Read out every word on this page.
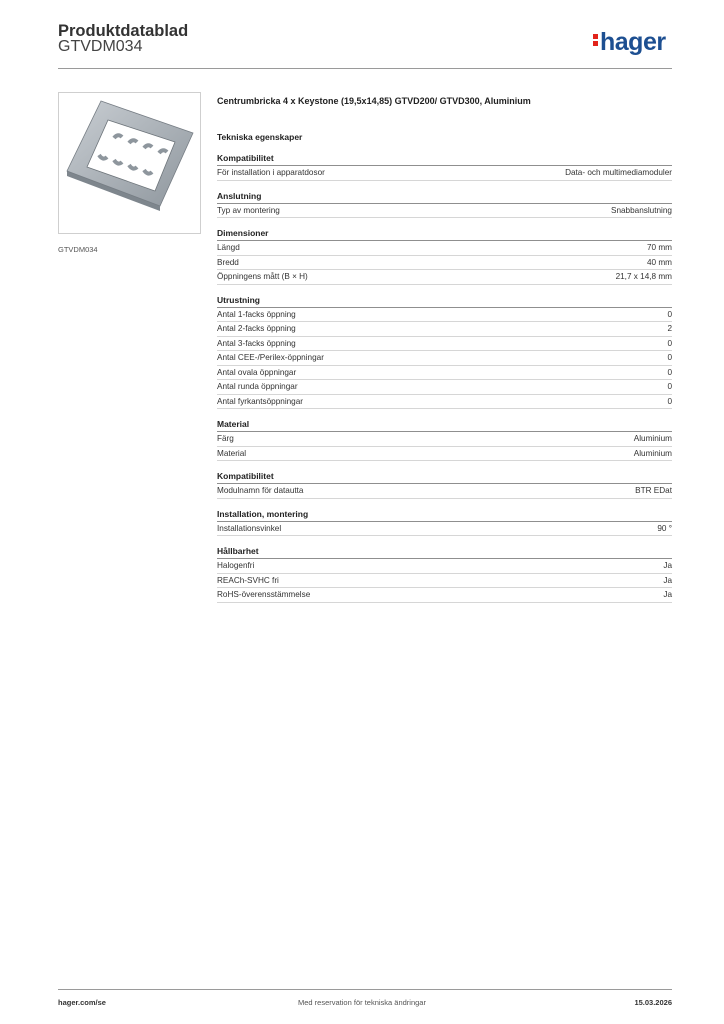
Produktdatablad
GTVDM034	hager
GTVDM034
Centrumbricka 4 x Keystone (19,5x14,85) GTVD200/ GTVD300, Aluminium
Tekniska egenskaper
Kompatibilitet
För installation i apparatdosor	Data- och multimediamoduler
Anslutning
Typ av montering	Snabbanslutning
Dimensioner
Längd	70 mm
Bredd	40 mm
Öppningens mått (B × H)	21,7 x 14,8 mm
Utrustning
Antal 1-facks öppning	0
Antal 2-facks öppning	2
Antal 3-facks öppning	0
Antal CEE-/Perilex-öppningar	0
Antal ovala öppningar	0
Antal runda öppningar	0
Antal fyrkantsöppningar	0
Material
Färg	Aluminium
Material	Aluminium
Kompatibilitet
Modulnamn för datautta	BTR EDat
Installation, montering
Installationsvinkel	90 °
Hållbarhet
Halogenfri	Ja
REACh-SVHC fri	Ja
RoHS-överensstämmelse	Ja
hager.com/se	Med reservation för tekniska ändringar	15.03.2026
